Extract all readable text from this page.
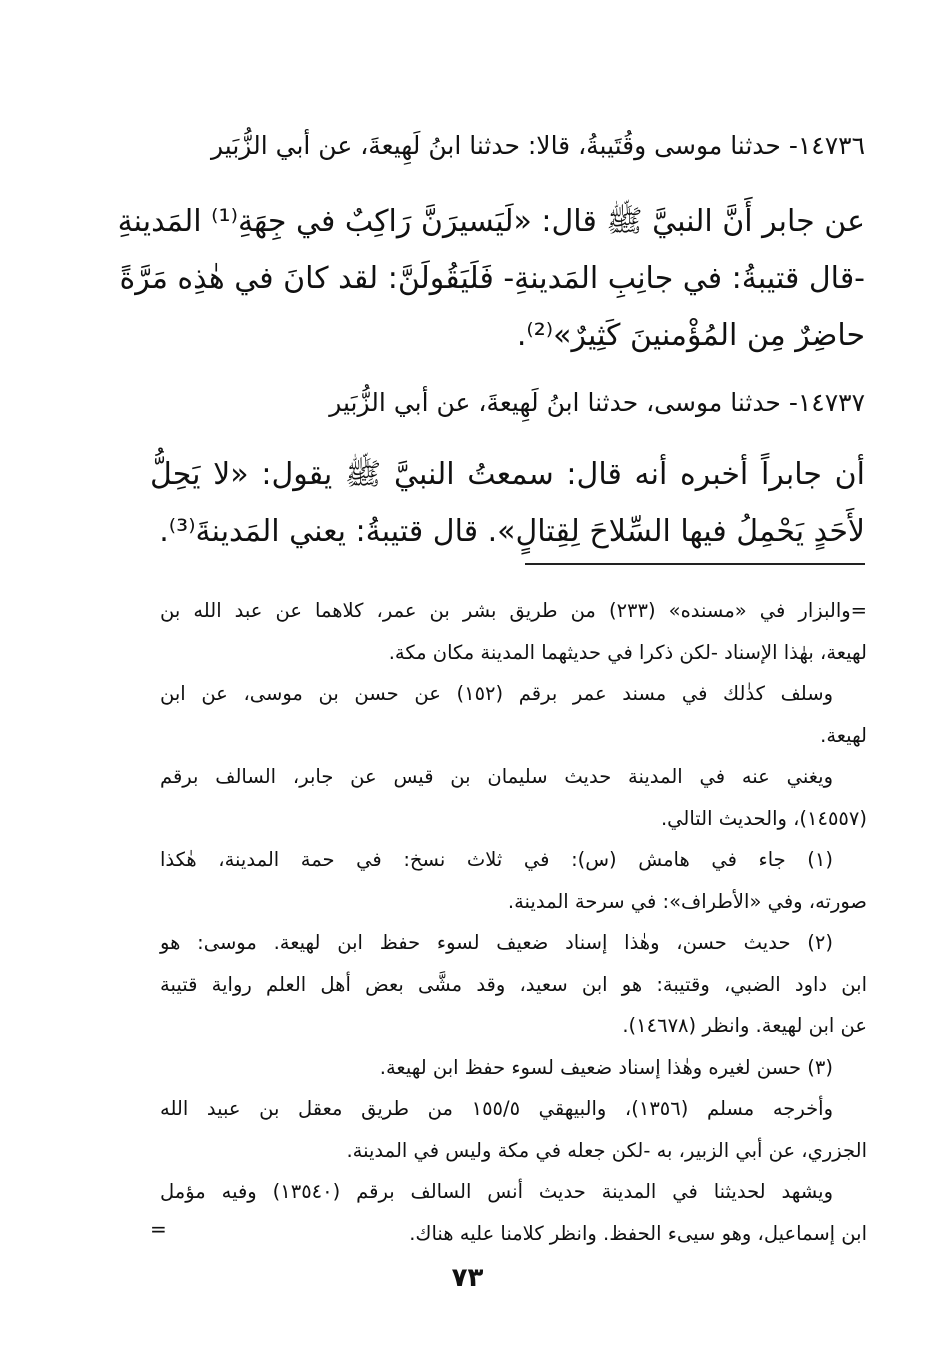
١٤٧٣٦- حدثنا موسى وقُتَيبةُ، قالا: حدثنا ابنُ لَهِيعةَ، عن أبي الزُّبَير
عن جابر أَنَّ النبيَّ ﷺ قال: «لَيَسيرَنَّ رَاكِبٌ في جِهَةِ⁽¹⁾ المَدينةِ
-قال قتيبةُ: في جانِبِ المَدينةِ- فَلَيَقُولَنَّ: لقد كانَ في هٰذِه مَرَّةً
حاضِرٌ مِن المُؤْمنينَ كَثِيرٌ»⁽²⁾.
١٤٧٣٧- حدثنا موسى، حدثنا ابنُ لَهِيعةَ، عن أبي الزُّبَير
أن جابراً أخبره أنه قال: سمعتُ النبيَّ ﷺ يقول: «لا يَحِلُّ
لأَحَدٍ يَحْمِلُ فيها السِّلاحَ لِقِتالٍ». قال قتيبةُ: يعني المَدينةَ⁽³⁾.

=والبزار في «مسنده» (٢٣٣) من طريق بشر بن عمر، كلاهما عن عبد الله بن
لهيعة، بهٰذا الإسناد -لكن ذكرا في حديثهما المدينة مكان مكة.

وسلف كذٰلك في مسند عمر برقم (١٥٢) عن حسن بن موسى، عن ابن
لهيعة.

ويغني عنه في المدينة حديث سليمان بن قيس عن جابر، السالف برقم
(١٤٥٥٧)، والحديث التالي.

(١) جاء في هامش (س): في ثلاث نسخ: في حمة المدينة، هٰكذا
صورته، وفي «الأطراف»: في سرحة المدينة.

(٢) حديث حسن، وهٰذا إسناد ضعيف لسوء حفظ ابن لهيعة. موسى: هو
ابن داود الضبي، وقتيبة: هو ابن سعيد، وقد مشَّى بعض أهل العلم رواية قتيبة
عن ابن لهيعة. وانظر (١٤٦٧٨).

(٣) حسن لغيره وهٰذا إسناد ضعيف لسوء حفظ ابن لهيعة.

وأخرجه مسلم (١٣٥٦)، والبيهقي ١٥٥/٥ من طريق معقل بن عبيد الله
الجزري، عن أبي الزبير، به -لكن جعله في مكة وليس في المدينة.

ويشهد لحديثنا في المدينة حديث أنس السالف برقم (١٣٥٤٠) وفيه مؤمل
ابن إسماعيل، وهو سيىء الحفظ. وانظر كلامنا عليه هناك.

=
٧٣
